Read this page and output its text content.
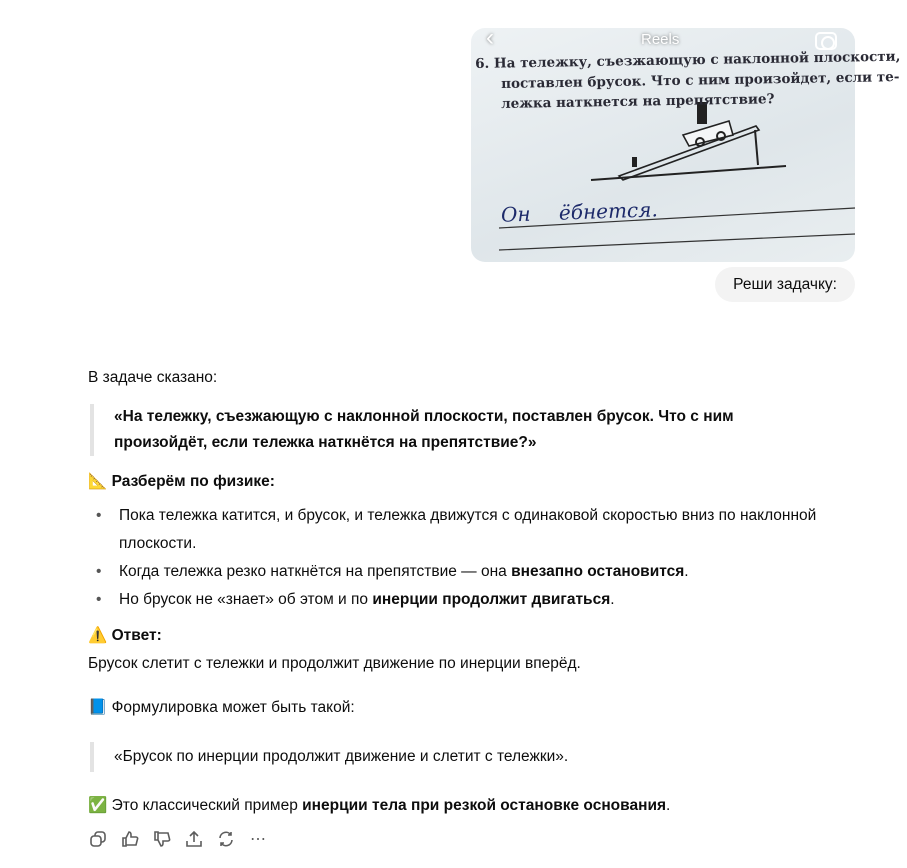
6. На тележку, съезжающую с наклонной плоскости,
поставлен брусок. Что с ним произойдет, если те-
лежка наткнется на препятствие?
Он ёбнется.
‹	Reels
Реши задачку:

В задаче сказано:

«На тележку, съезжающую с наклонной плоскости, поставлен брусок. Что с ним произойдёт, если тележка наткнётся на препятствие?»

📐 Разберём по физике:

• Пока тележка катится, и брусок, и тележка движутся с одинаковой скоростью вниз по наклонной плоскости.
• Когда тележка резко наткнётся на препятствие — она внезапно остановится.
• Но брусок не «знает» об этом и по инерции продолжит двигаться.

⚠️ Ответ:

Брусок слетит с тележки и продолжит движение по инерции вперёд.

📘 Формулировка может быть такой:

«Брусок по инерции продолжит движение и слетит с тележки».

✅ Это классический пример инерции тела при резкой остановке основания.

⋯
